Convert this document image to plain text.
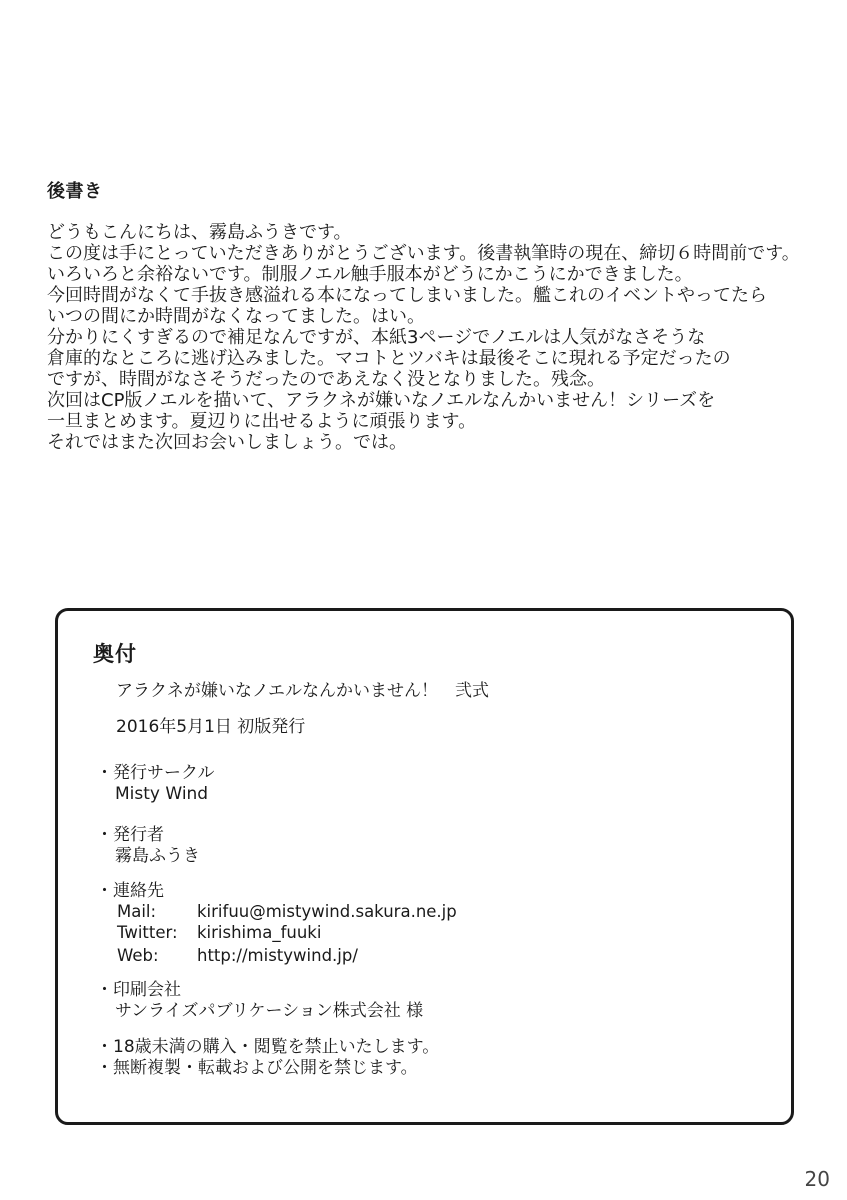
後書き
どうもこんにちは、霧島ふうきです。
この度は手にとっていただきありがとうございます。後書執筆時の現在、締切６時間前です。
いろいろと余裕ないです。制服ノエル触手服本がどうにかこうにかできました。
今回時間がなくて手抜き感溢れる本になってしまいました。艦これのイベントやってたら
いつの間にか時間がなくなってました。はい。
分かりにくすぎるので補足なんですが、本紙3ページでノエルは人気がなさそうな
倉庫的なところに逃げ込みました。マコトとツバキは最後そこに現れる予定だったの
ですが、時間がなさそうだったのであえなく没となりました。残念。
次回はCP版ノエルを描いて、アラクネが嫌いなノエルなんかいません！シリーズを
一旦まとめます。夏辺りに出せるように頑張ります。
それではまた次回お会いしましょう。では。
奥付
アラクネが嫌いなノエルなんかいません！　弐式
2016年5月1日 初版発行
・発行サークル
Misty Wind
・発行者
霧島ふうき
・連絡先
Mail:	kirifuu@mistywind.sakura.ne.jp
Twitter:	kirishima_fuuki
Web:	http://mistywind.jp/
・印刷会社
サンライズパブリケーション株式会社 様
・18歳未満の購入・閲覧を禁止いたします。
・無断複製・転載および公開を禁じます。
20
